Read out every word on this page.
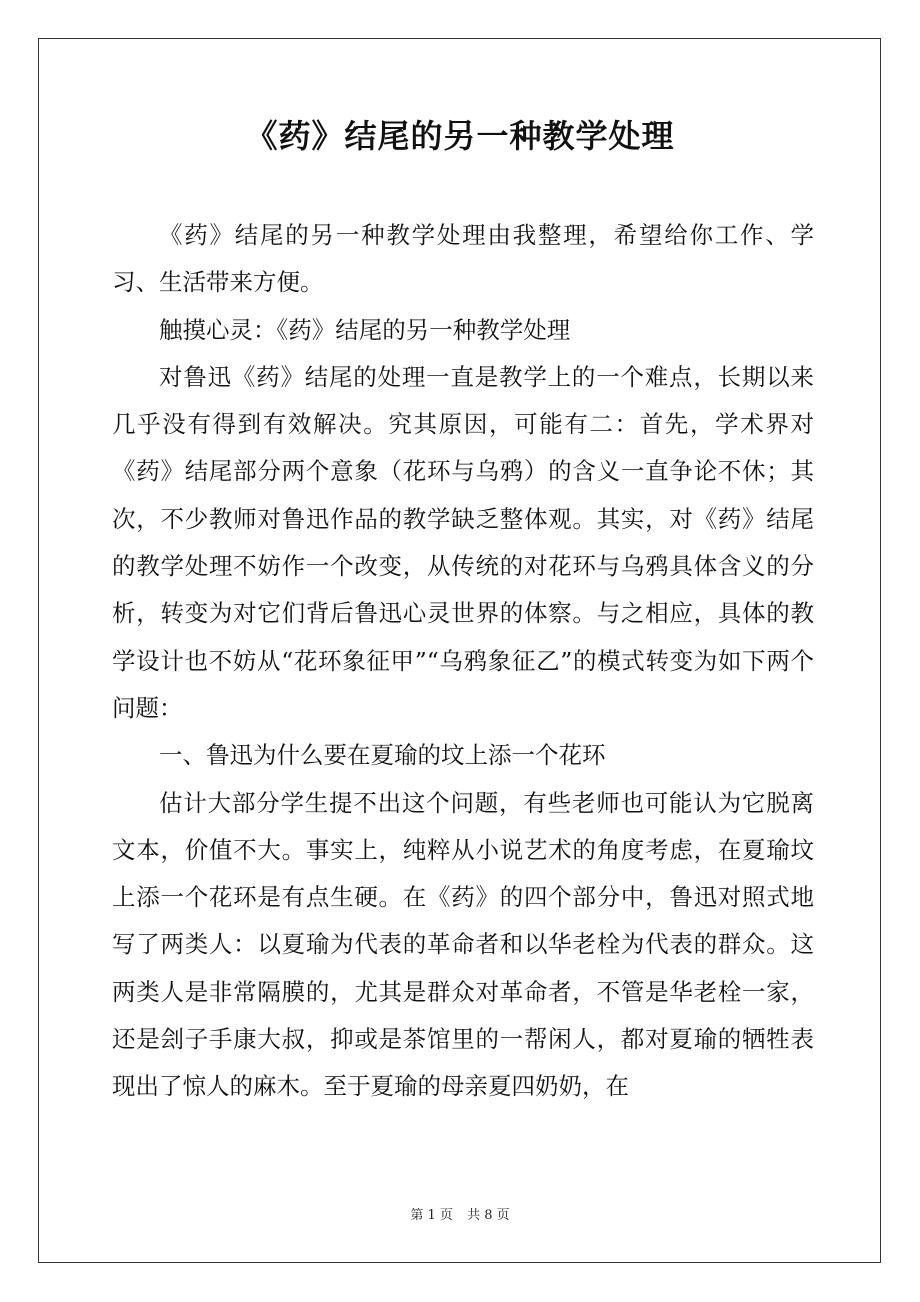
《药》结尾的另一种教学处理

《药》结尾的另一种教学处理由我整理，希望给你工作、学习、生活带来方便。

触摸心灵：《药》结尾的另一种教学处理

对鲁迅《药》结尾的处理一直是教学上的一个难点，长期以来几乎没有得到有效解决。究其原因，可能有二：首先，学术界对《药》结尾部分两个意象（花环与乌鸦）的含义一直争论不休；其次，不少教师对鲁迅作品的教学缺乏整体观。其实，对《药》结尾的教学处理不妨作一个改变，从传统的对花环与乌鸦具体含义的分析，转变为对它们背后鲁迅心灵世界的体察。与之相应，具体的教学设计也不妨从“花环象征甲”“乌鸦象征乙”的模式转变为如下两个问题：

一、鲁迅为什么要在夏瑜的坟上添一个花环

估计大部分学生提不出这个问题，有些老师也可能认为它脱离文本，价值不大。事实上，纯粹从小说艺术的角度考虑，在夏瑜坟上添一个花环是有点生硬。在《药》的四个部分中，鲁迅对照式地写了两类人：以夏瑜为代表的革命者和以华老栓为代表的群众。这两类人是非常隔膜的，尤其是群众对革命者，不管是华老栓一家，还是刽子手康大叔，抑或是茶馆里的一帮闲人，都对夏瑜的牺牲表现出了惊人的麻木。至于夏瑜的母亲夏四奶奶，在

第 1 页 共 8 页
